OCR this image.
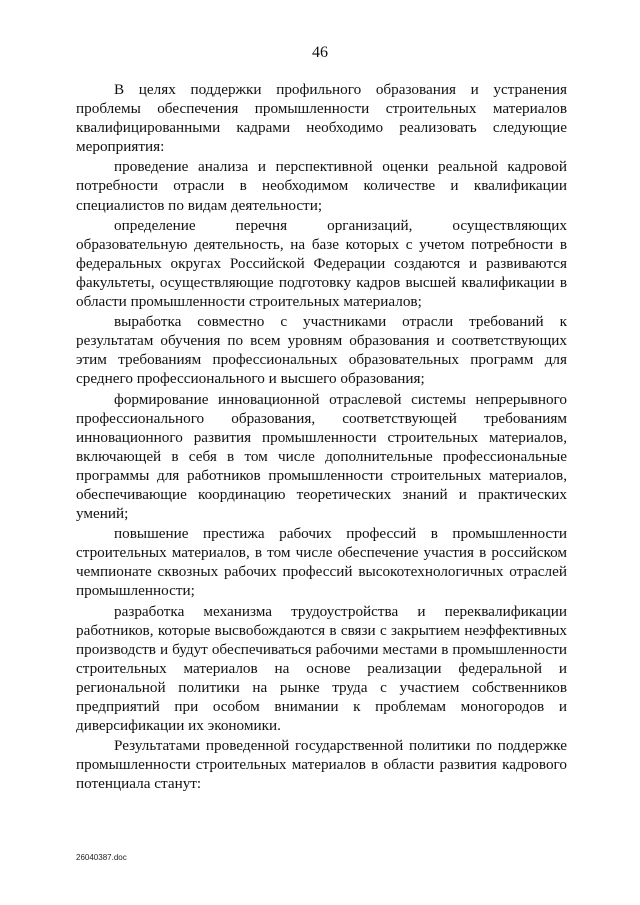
46

В целях поддержки профильного образования и устранения проблемы обеспечения промышленности строительных материалов квалифицированными кадрами необходимо реализовать следующие мероприятия:

проведение анализа и перспективной оценки реальной кадровой потребности отрасли в необходимом количестве и квалификации специалистов по видам деятельности;

определение перечня организаций, осуществляющих образовательную деятельность, на базе которых с учетом потребности в федеральных округах Российской Федерации создаются и развиваются факультеты, осуществляющие подготовку кадров высшей квалификации в области промышленности строительных материалов;

выработка совместно с участниками отрасли требований к результатам обучения по всем уровням образования и соответствующих этим требованиям профессиональных образовательных программ для среднего профессионального и высшего образования;

формирование инновационной отраслевой системы непрерывного профессионального образования, соответствующей требованиям инновационного развития промышленности строительных материалов, включающей в себя в том числе дополнительные профессиональные программы для работников промышленности строительных материалов, обеспечивающие координацию теоретических знаний и практических умений;

повышение престижа рабочих профессий в промышленности строительных материалов, в том числе обеспечение участия в российском чемпионате сквозных рабочих профессий высокотехнологичных отраслей промышленности;

разработка механизма трудоустройства и переквалификации работников, которые высвобождаются в связи с закрытием неэффективных производств и будут обеспечиваться рабочими местами в промышленности строительных материалов на основе реализации федеральной и региональной политики на рынке труда с участием собственников предприятий при особом внимании к проблемам моногородов и диверсификации их экономики.

Результатами проведенной государственной политики по поддержке промышленности строительных материалов в области развития кадрового потенциала станут:

26040387.doc
